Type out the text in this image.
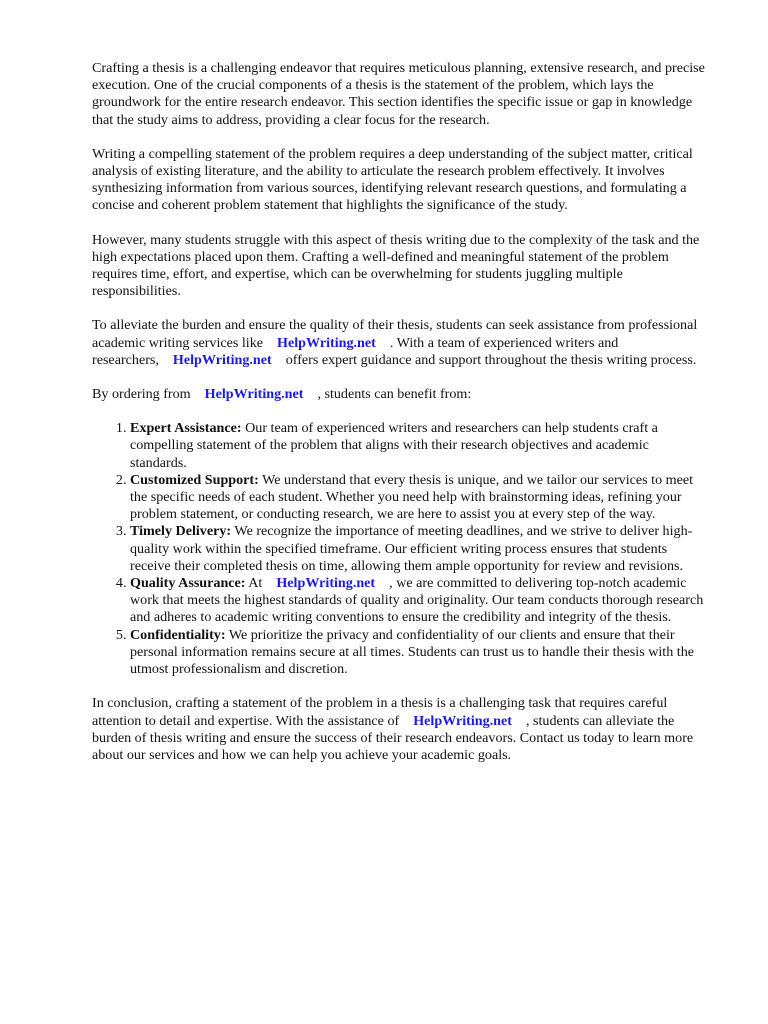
Crafting a thesis is a challenging endeavor that requires meticulous planning, extensive research, and precise execution. One of the crucial components of a thesis is the statement of the problem, which lays the groundwork for the entire research endeavor. This section identifies the specific issue or gap in knowledge that the study aims to address, providing a clear focus for the research.

Writing a compelling statement of the problem requires a deep understanding of the subject matter, critical analysis of existing literature, and the ability to articulate the research problem effectively. It involves synthesizing information from various sources, identifying relevant research questions, and formulating a concise and coherent problem statement that highlights the significance of the study.

However, many students struggle with this aspect of thesis writing due to the complexity of the task and the high expectations placed upon them. Crafting a well-defined and meaningful statement of the problem requires time, effort, and expertise, which can be overwhelming for students juggling multiple responsibilities.

To alleviate the burden and ensure the quality of their thesis, students can seek assistance from professional academic writing services like HelpWriting.net . With a team of experienced writers and researchers, HelpWriting.net offers expert guidance and support throughout the thesis writing process.

By ordering from HelpWriting.net , students can benefit from:

1. Expert Assistance: Our team of experienced writers and researchers can help students craft a compelling statement of the problem that aligns with their research objectives and academic standards.
2. Customized Support: We understand that every thesis is unique, and we tailor our services to meet the specific needs of each student. Whether you need help with brainstorming ideas, refining your problem statement, or conducting research, we are here to assist you at every step of the way.
3. Timely Delivery: We recognize the importance of meeting deadlines, and we strive to deliver high-quality work within the specified timeframe. Our efficient writing process ensures that students receive their completed thesis on time, allowing them ample opportunity for review and revisions.
4. Quality Assurance: At HelpWriting.net , we are committed to delivering top-notch academic work that meets the highest standards of quality and originality. Our team conducts thorough research and adheres to academic writing conventions to ensure the credibility and integrity of the thesis.
5. Confidentiality: We prioritize the privacy and confidentiality of our clients and ensure that their personal information remains secure at all times. Students can trust us to handle their thesis with the utmost professionalism and discretion.

In conclusion, crafting a statement of the problem in a thesis is a challenging task that requires careful attention to detail and expertise. With the assistance of HelpWriting.net , students can alleviate the burden of thesis writing and ensure the success of their research endeavors. Contact us today to learn more about our services and how we can help you achieve your academic goals.
